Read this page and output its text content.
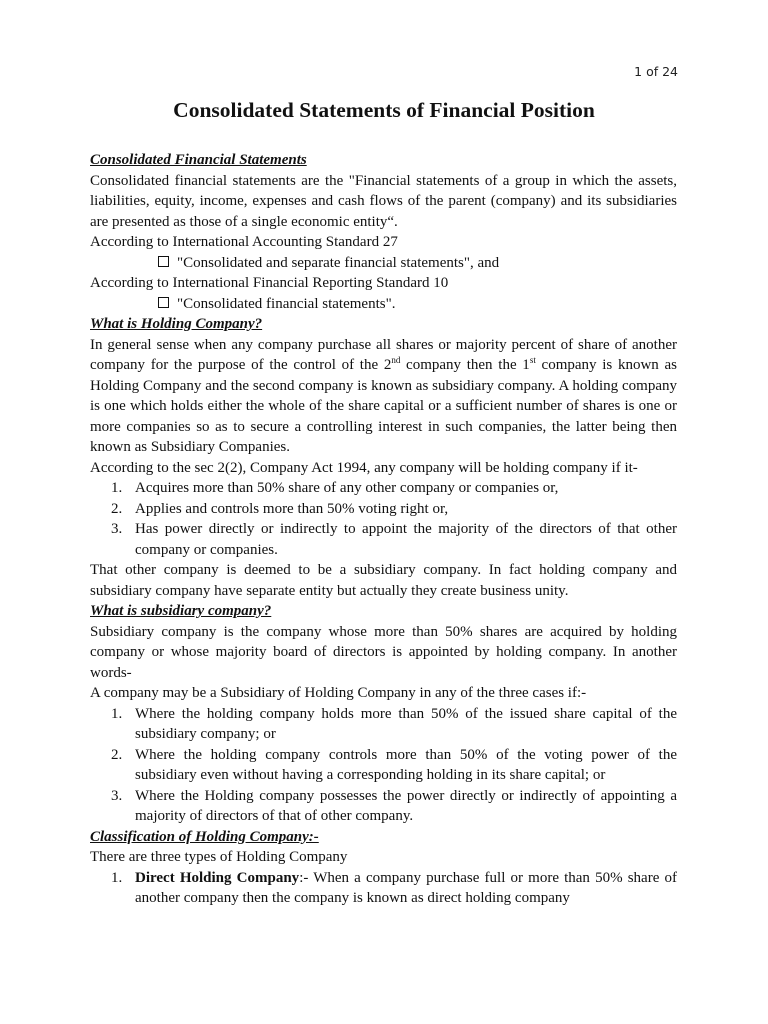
1 of 24
Consolidated Statements of Financial Position

Consolidated Financial Statements

Consolidated financial statements are the "Financial statements of a group in which the assets, liabilities, equity, income, expenses and cash flows of the parent (company) and its subsidiaries are presented as those of a single economic entity“.

According to International Accounting Standard 27

"Consolidated and separate financial statements", and

According to International Financial Reporting Standard 10

"Consolidated financial statements".

What is Holding Company?

In general sense when any company purchase all shares or majority percent of share of another company for the purpose of the control of the 2nd company then the 1st company is known as Holding Company and the second company is known as subsidiary company. A holding company is one which holds either the whole of the share capital or a sufficient number of shares is one or more companies so as to secure a controlling interest in such companies, the latter being then known as Subsidiary Companies.

According to the sec 2(2), Company Act 1994, any company will be holding company if it-

1. Acquires more than 50% share of any other company or companies or,
2. Applies and controls more than 50% voting right or,
3. Has power directly or indirectly to appoint the majority of the directors of that other company or companies.

That other company is deemed to be a subsidiary company. In fact holding company and subsidiary company have separate entity but actually they create business unity.

What is subsidiary company?

Subsidiary company is the company whose more than 50% shares are acquired by holding company or whose majority board of directors is appointed by holding company. In another words-

A company may be a Subsidiary of Holding Company in any of the three cases if:-

1. Where the holding company holds more than 50% of the issued share capital of the subsidiary company; or
2. Where the holding company controls more than 50% of the voting power of the subsidiary even without having a corresponding holding in its share capital; or
3. Where the Holding company possesses the power directly or indirectly of appointing a majority of directors of that of other company.

Classification of Holding Company:-

There are three types of Holding Company

1. Direct Holding Company:- When a company purchase full or more than 50% share of another company then the company is known as direct holding company
